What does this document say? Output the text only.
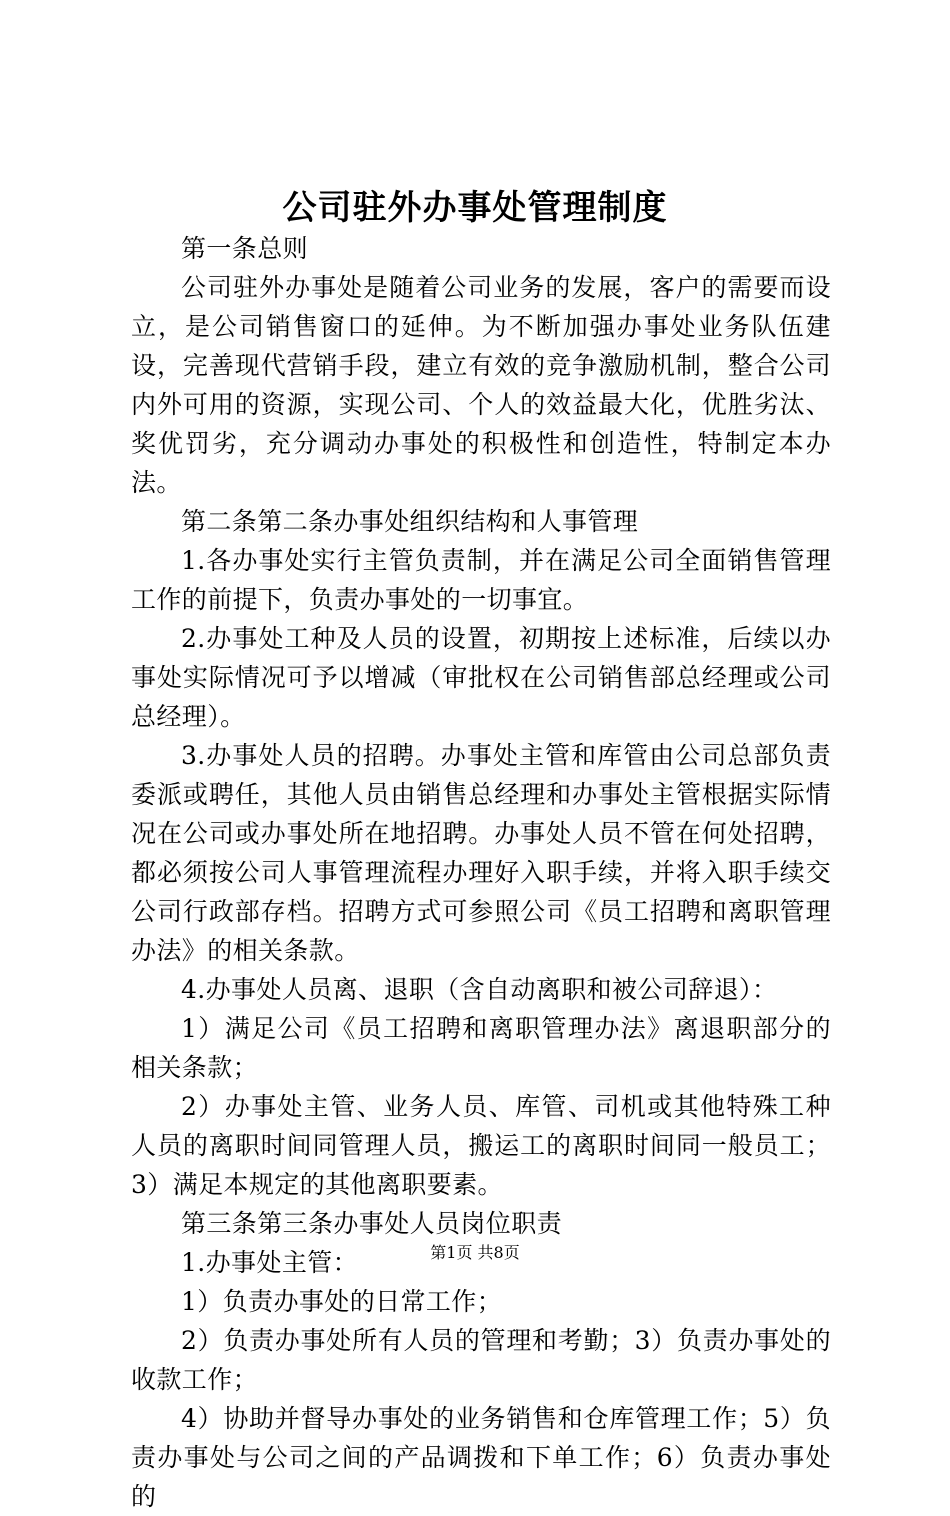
公司驻外办事处管理制度

第一条总则

公司驻外办事处是随着公司业务的发展，客户的需要而设立，是公司销售窗口的延伸。为不断加强办事处业务队伍建设，完善现代营销手段，建立有效的竞争激励机制，整合公司内外可用的资源，实现公司、个人的效益最大化，优胜劣汰、奖优罚劣，充分调动办事处的积极性和创造性，特制定本办法。

第二条第二条办事处组织结构和人事管理

1.各办事处实行主管负责制，并在满足公司全面销售管理工作的前提下，负责办事处的一切事宜。

2.办事处工种及人员的设置，初期按上述标准，后续以办事处实际情况可予以增减（审批权在公司销售部总经理或公司总经理）。

3.办事处人员的招聘。办事处主管和库管由公司总部负责委派或聘任，其他人员由销售总经理和办事处主管根据实际情况在公司或办事处所在地招聘。办事处人员不管在何处招聘，都必须按公司人事管理流程办理好入职手续，并将入职手续交公司行政部存档。招聘方式可参照公司《员工招聘和离职管理办法》的相关条款。

4.办事处人员离、退职（含自动离职和被公司辞退）：

1）满足公司《员工招聘和离职管理办法》离退职部分的相关条款；

2）办事处主管、业务人员、库管、司机或其他特殊工种人员的离职时间同管理人员，搬运工的离职时间同一般员工；3）满足本规定的其他离职要素。

第三条第三条办事处人员岗位职责

1.办事处主管：

1）负责办事处的日常工作；

2）负责办事处所有人员的管理和考勤；3）负责办事处的收款工作；

4）协助并督导办事处的业务销售和仓库管理工作；5）负责办事处与公司之间的产品调拨和下单工作；6）负责办事处的

第1页 共8页
